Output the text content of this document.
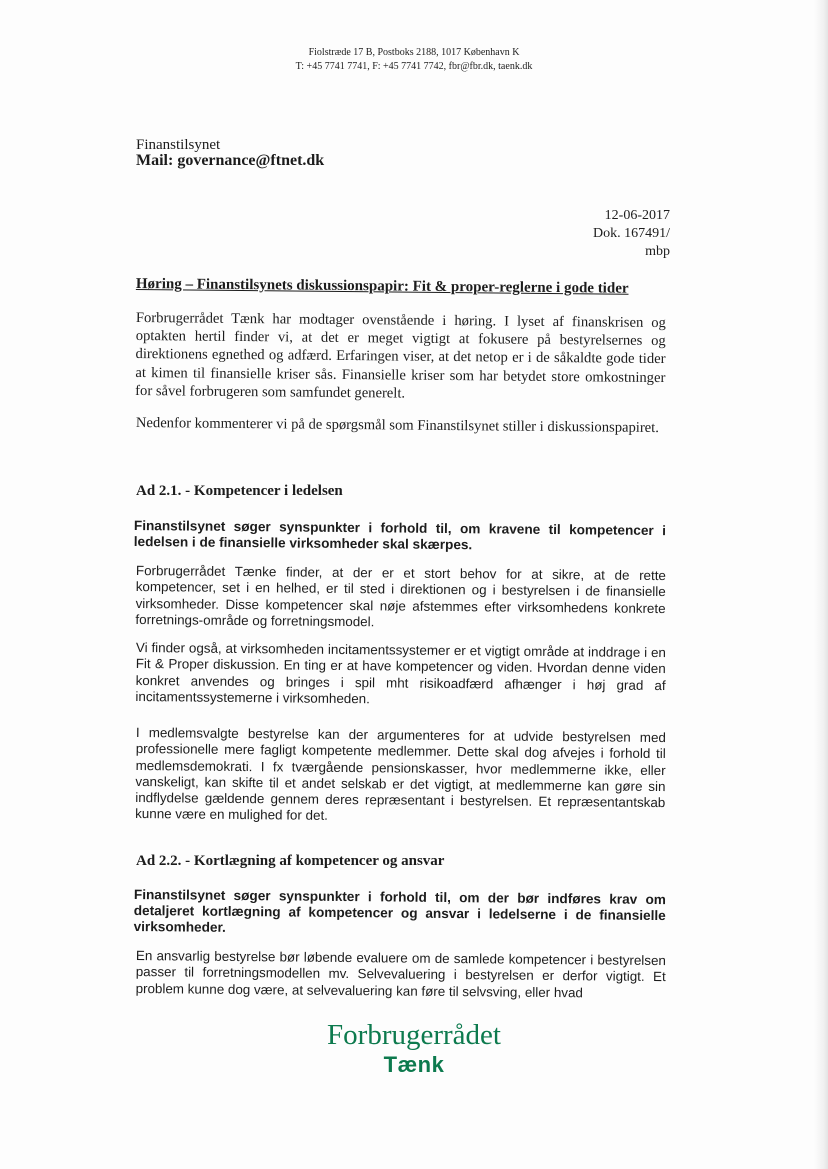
Fiolstræde 17 B, Postboks 2188, 1017 København K
T: +45 7741 7741, F: +45 7741 7742, fbr@fbr.dk, taenk.dk
Finanstilsynet
Mail: governance@ftnet.dk
12-06-2017
Dok. 167491/
mbp
Høring – Finanstilsynets diskussionspapir: Fit & proper-reglerne i gode tider
Forbrugerrådet Tænk har modtager ovenstående i høring. I lyset af finanskrisen og optakten hertil finder vi, at det er meget vigtigt at fokusere på bestyrelsernes og direktionens egnethed og adfærd. Erfaringen viser, at det netop er i de såkaldte gode tider at kimen til finansielle kriser sås. Finansielle kriser som har betydet store omkostninger for såvel forbrugeren som samfundet generelt.
Nedenfor kommenterer vi på de spørgsmål som Finanstilsynet stiller i diskussionspapiret.
Ad 2.1. - Kompetencer i ledelsen
Finanstilsynet søger synspunkter i forhold til, om kravene til kompetencer i ledelsen i de finansielle virksomheder skal skærpes.
Forbrugerrådet Tænke finder, at der er et stort behov for at sikre, at de rette kompetencer, set i en helhed, er til sted i direktionen og i bestyrelsen i de finansielle virksomheder. Disse kompetencer skal nøje afstemmes efter virksomhedens konkrete forretnings-område og forretningsmodel.
Vi finder også, at virksomheden incitamentssystemer er et vigtigt område at inddrage i en Fit & Proper diskussion. En ting er at have kompetencer og viden. Hvordan denne viden konkret anvendes og bringes i spil mht risikoadfærd afhænger i høj grad af incitamentssystemerne i virksomheden.
I medlemsvalgte bestyrelse kan der argumenteres for at udvide bestyrelsen med professionelle mere fagligt kompetente medlemmer. Dette skal dog afvejes i forhold til medlemsdemokrati. I fx tværgående pensionskasser, hvor medlemmerne ikke, eller vanskeligt, kan skifte til et andet selskab er det vigtigt, at medlemmerne kan gøre sin indflydelse gældende gennem deres repræsentant i bestyrelsen. Et repræsentantskab kunne være en mulighed for det.
Ad 2.2. - Kortlægning af kompetencer og ansvar
Finanstilsynet søger synspunkter i forhold til, om der bør indføres krav om detaljeret kortlægning af kompetencer og ansvar i ledelserne i de finansielle virksomheder.
En ansvarlig bestyrelse bør løbende evaluere om de samlede kompetencer i bestyrelsen passer til forretningsmodellen mv. Selvevaluering i bestyrelsen er derfor vigtigt. Et problem kunne dog være, at selvevaluering kan føre til selvsving, eller hvad
Forbrugerrådet
Tænk
